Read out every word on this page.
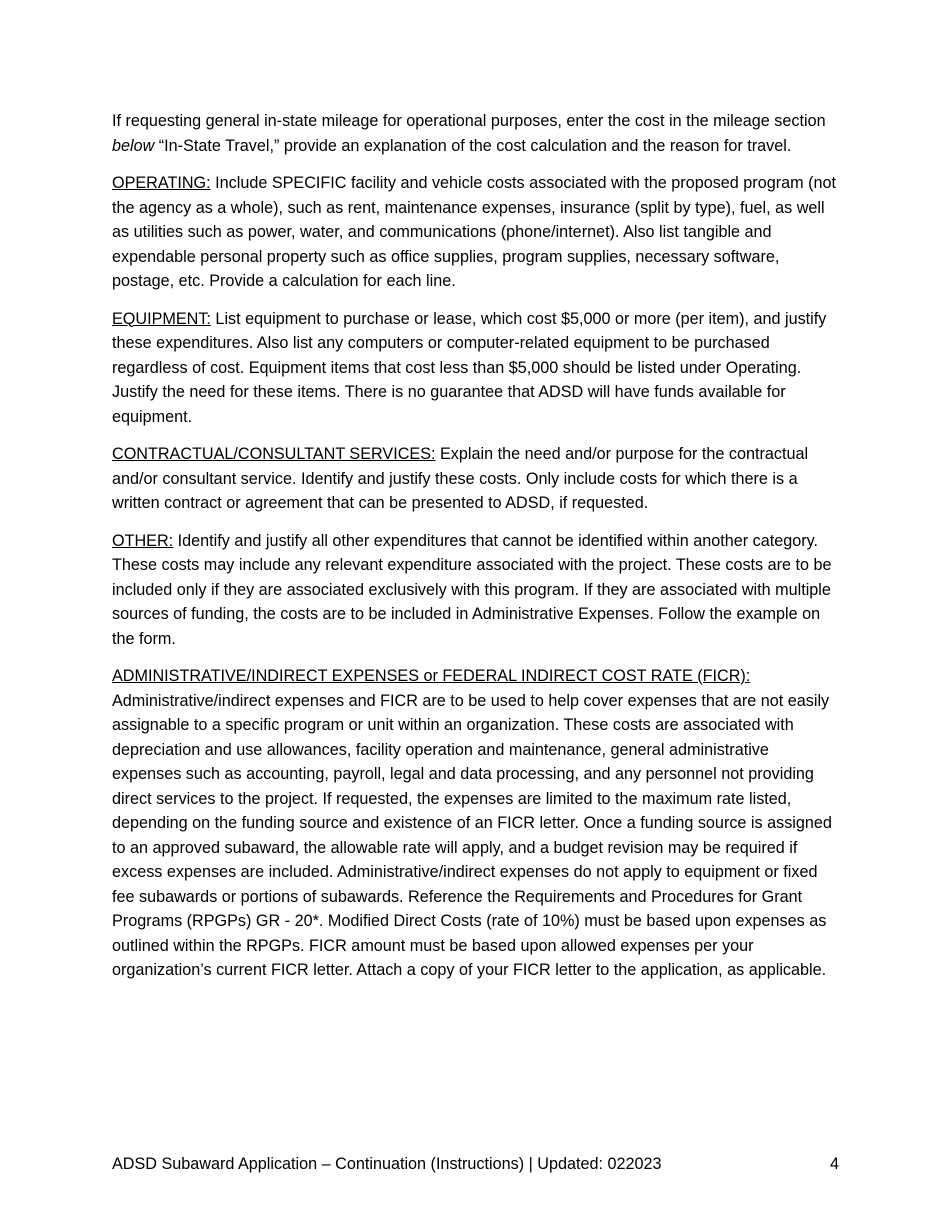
If requesting general in-state mileage for operational purposes, enter the cost in the mileage section below “In-State Travel,” provide an explanation of the cost calculation and the reason for travel.

OPERATING: Include SPECIFIC facility and vehicle costs associated with the proposed program (not the agency as a whole), such as rent, maintenance expenses, insurance (split by type), fuel, as well as utilities such as power, water, and communications (phone/internet). Also list tangible and expendable personal property such as office supplies, program supplies, necessary software, postage, etc. Provide a calculation for each line.

EQUIPMENT: List equipment to purchase or lease, which cost $5,000 or more (per item), and justify these expenditures. Also list any computers or computer-related equipment to be purchased regardless of cost. Equipment items that cost less than $5,000 should be listed under Operating. Justify the need for these items. There is no guarantee that ADSD will have funds available for equipment.

CONTRACTUAL/CONSULTANT SERVICES: Explain the need and/or purpose for the contractual and/or consultant service. Identify and justify these costs. Only include costs for which there is a written contract or agreement that can be presented to ADSD, if requested.

OTHER: Identify and justify all other expenditures that cannot be identified within another category. These costs may include any relevant expenditure associated with the project. These costs are to be included only if they are associated exclusively with this program. If they are associated with multiple sources of funding, the costs are to be included in Administrative Expenses. Follow the example on the form.

ADMINISTRATIVE/INDIRECT EXPENSES or FEDERAL INDIRECT COST RATE (FICR): Administrative/indirect expenses and FICR are to be used to help cover expenses that are not easily assignable to a specific program or unit within an organization. These costs are associated with depreciation and use allowances, facility operation and maintenance, general administrative expenses such as accounting, payroll, legal and data processing, and any personnel not providing direct services to the project. If requested, the expenses are limited to the maximum rate listed, depending on the funding source and existence of an FICR letter. Once a funding source is assigned to an approved subaward, the allowable rate will apply, and a budget revision may be required if excess expenses are included. Administrative/indirect expenses do not apply to equipment or fixed fee subawards or portions of subawards. Reference the Requirements and Procedures for Grant Programs (RPGPs) GR - 20*. Modified Direct Costs (rate of 10%) must be based upon expenses as outlined within the RPGPs. FICR amount must be based upon allowed expenses per your organization’s current FICR letter. Attach a copy of your FICR letter to the application, as applicable.

ADSD Subaward Application – Continuation (Instructions) | Updated: 022023	4
